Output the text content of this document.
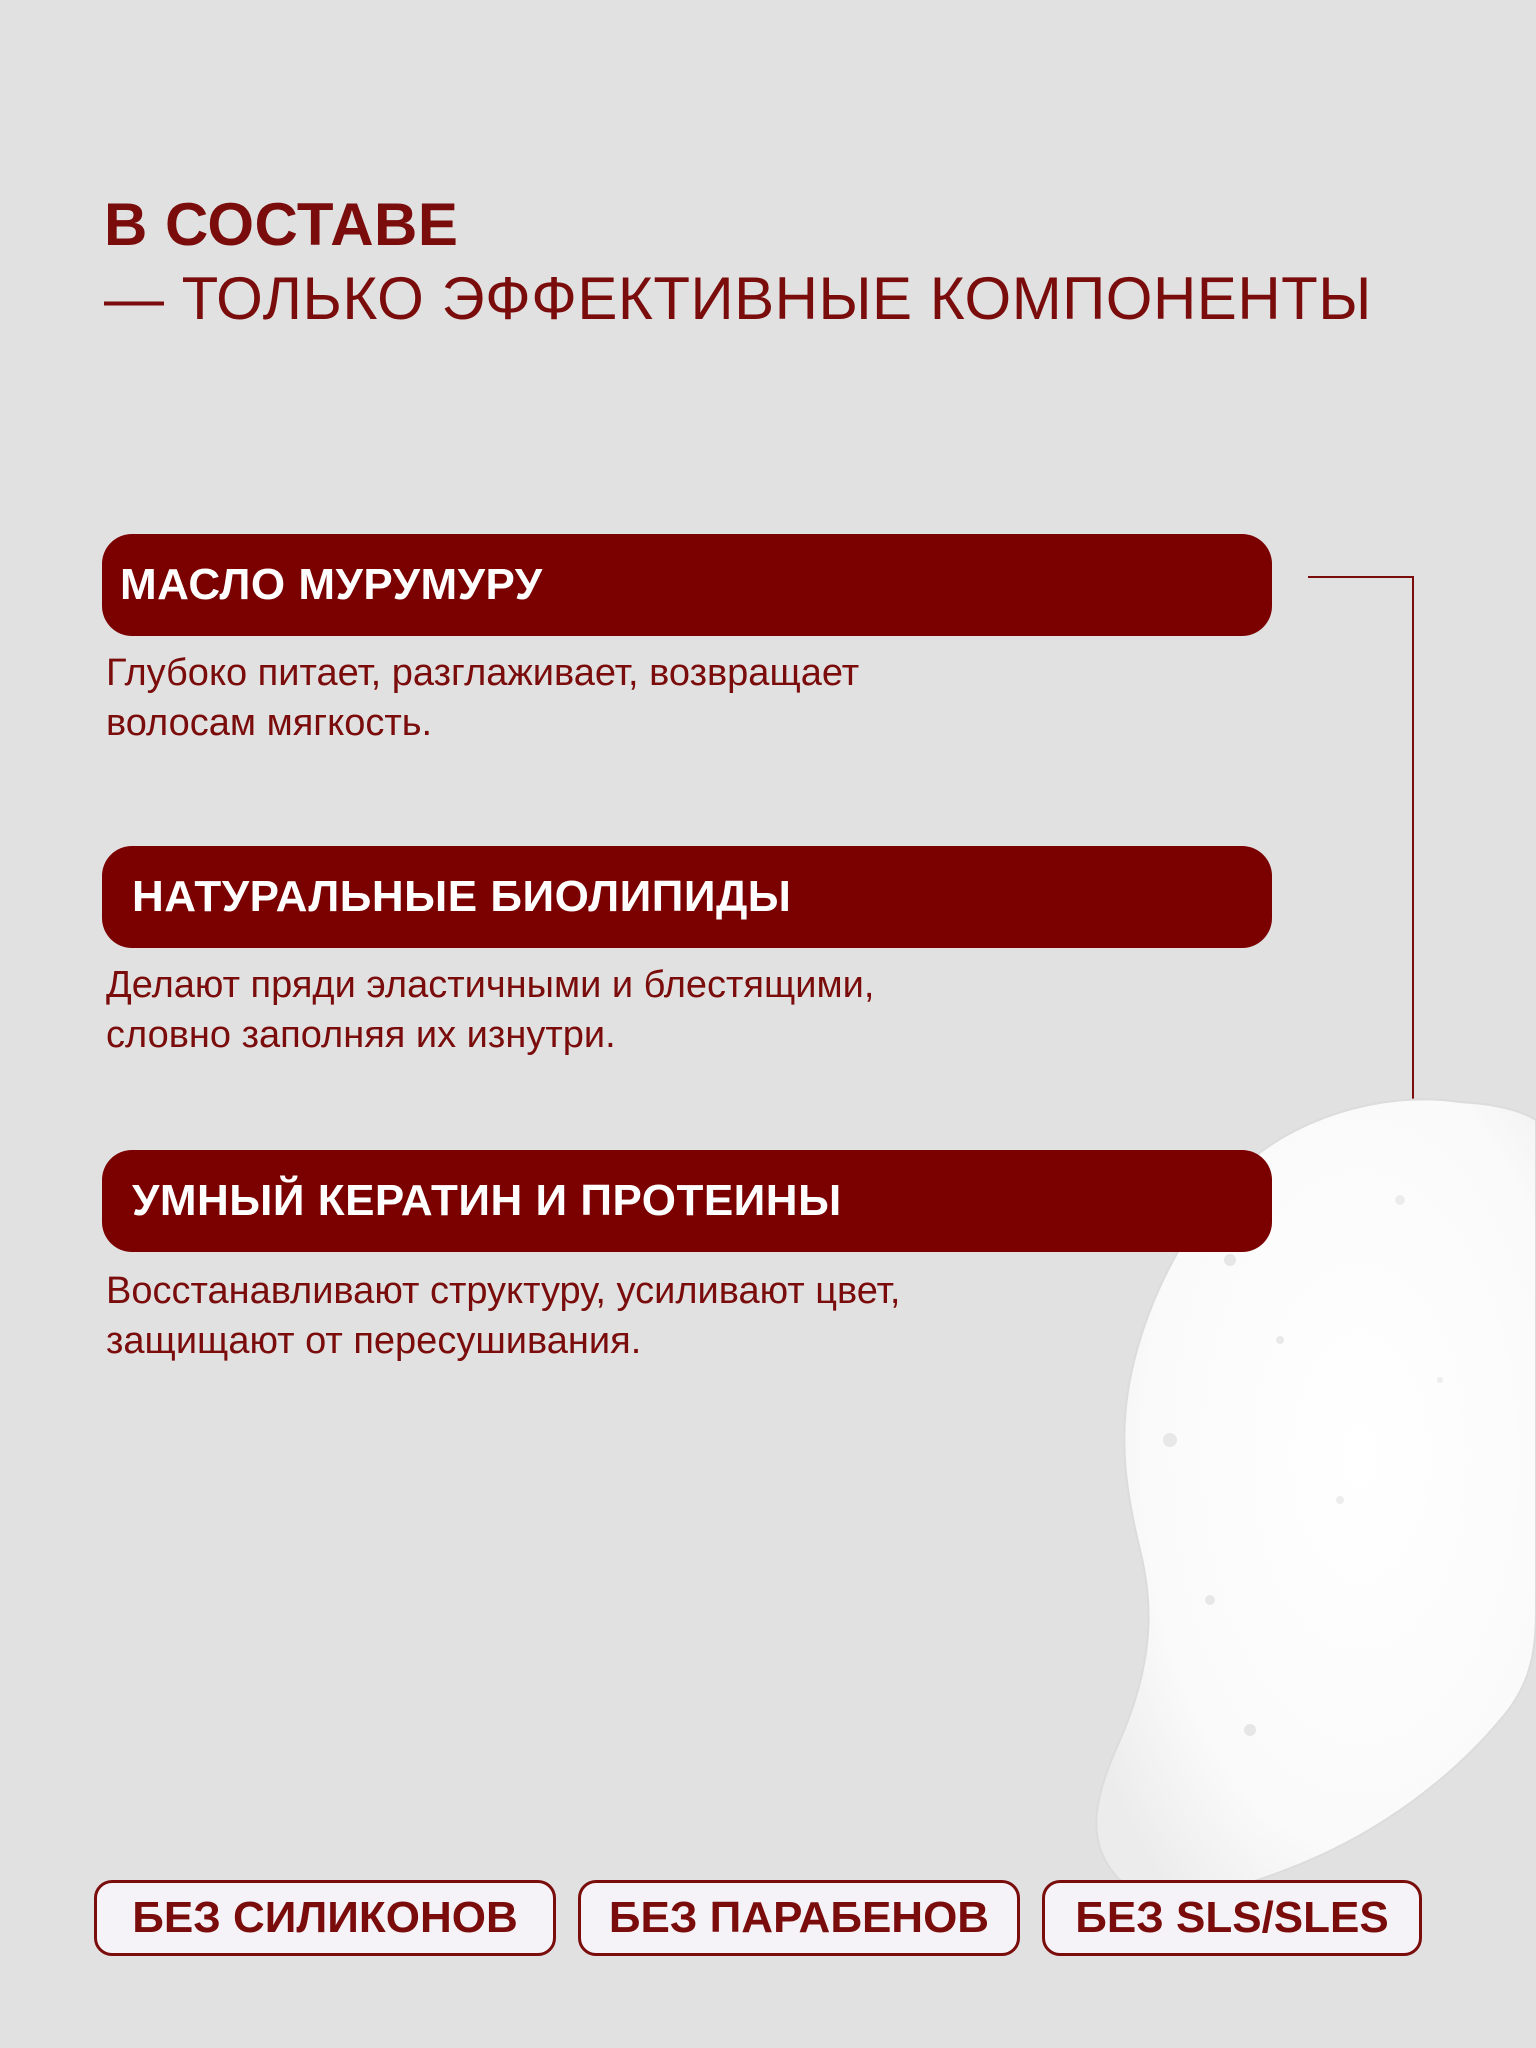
В СОСТАВЕ
— ТОЛЬКО ЭФФЕКТИВНЫЕ КОМПОНЕНТЫ
МАСЛО МУРУМУРУ
Глубоко питает, разглаживает, возвращает
волосам мягкость.
НАТУРАЛЬНЫЕ БИОЛИПИДЫ
Делают пряди эластичными и блестящими,
словно заполняя их изнутри.
УМНЫЙ КЕРАТИН И ПРОТЕИНЫ
Восстанавливают структуру, усиливают цвет,
защищают от пересушивания.
БЕЗ СИЛИКОНОВ БЕЗ ПАРАБЕНОВ БЕЗ SLS/SLES
